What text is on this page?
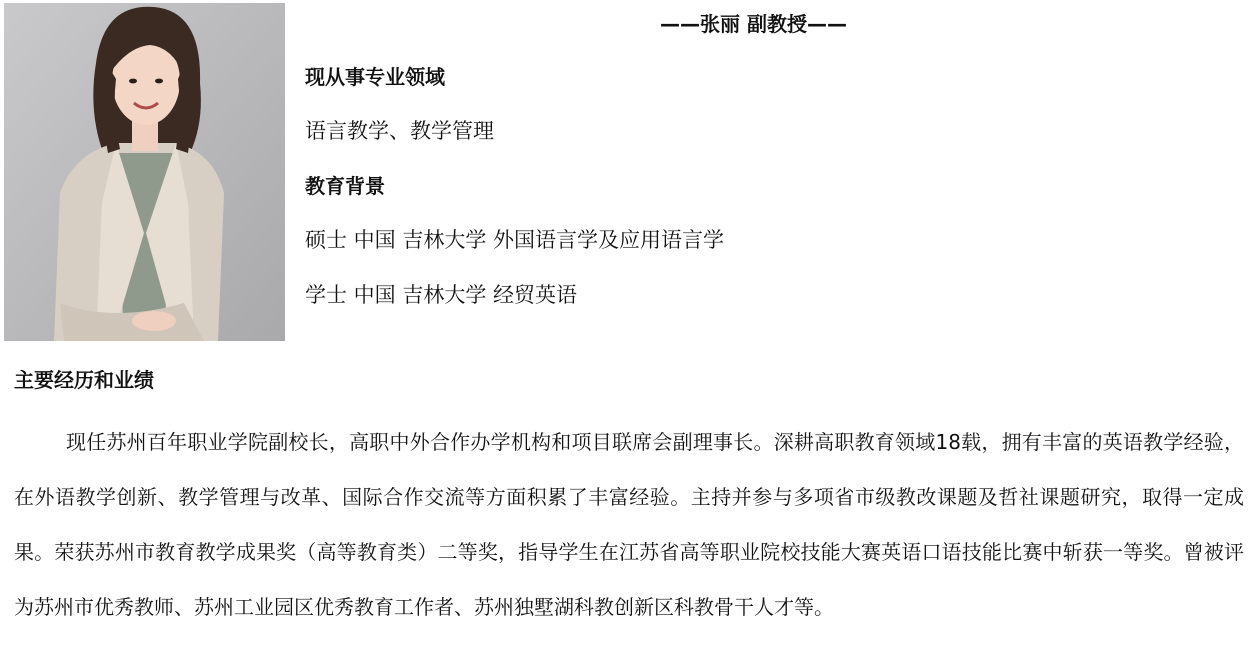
——张丽 副教授——
现从事专业领域
语言教学、教学管理
教育背景
硕士 中国 吉林大学 外国语言学及应用语言学
学士 中国 吉林大学 经贸英语
主要经历和业绩

现任苏州百年职业学院副校长，高职中外合作办学机构和项目联席会副理事长。深耕高职教育领域18载，拥有丰富的英语教学经验，在外语教学创新、教学管理与改革、国际合作交流等方面积累了丰富经验。主持并参与多项省市级教改课题及哲社课题研究，取得一定成果。荣获苏州市教育教学成果奖（高等教育类）二等奖，指导学生在江苏省高等职业院校技能大赛英语口语技能比赛中斩获一等奖。曾被评为苏州市优秀教师、苏州工业园区优秀教育工作者、苏州独墅湖科教创新区科教骨干人才等。
